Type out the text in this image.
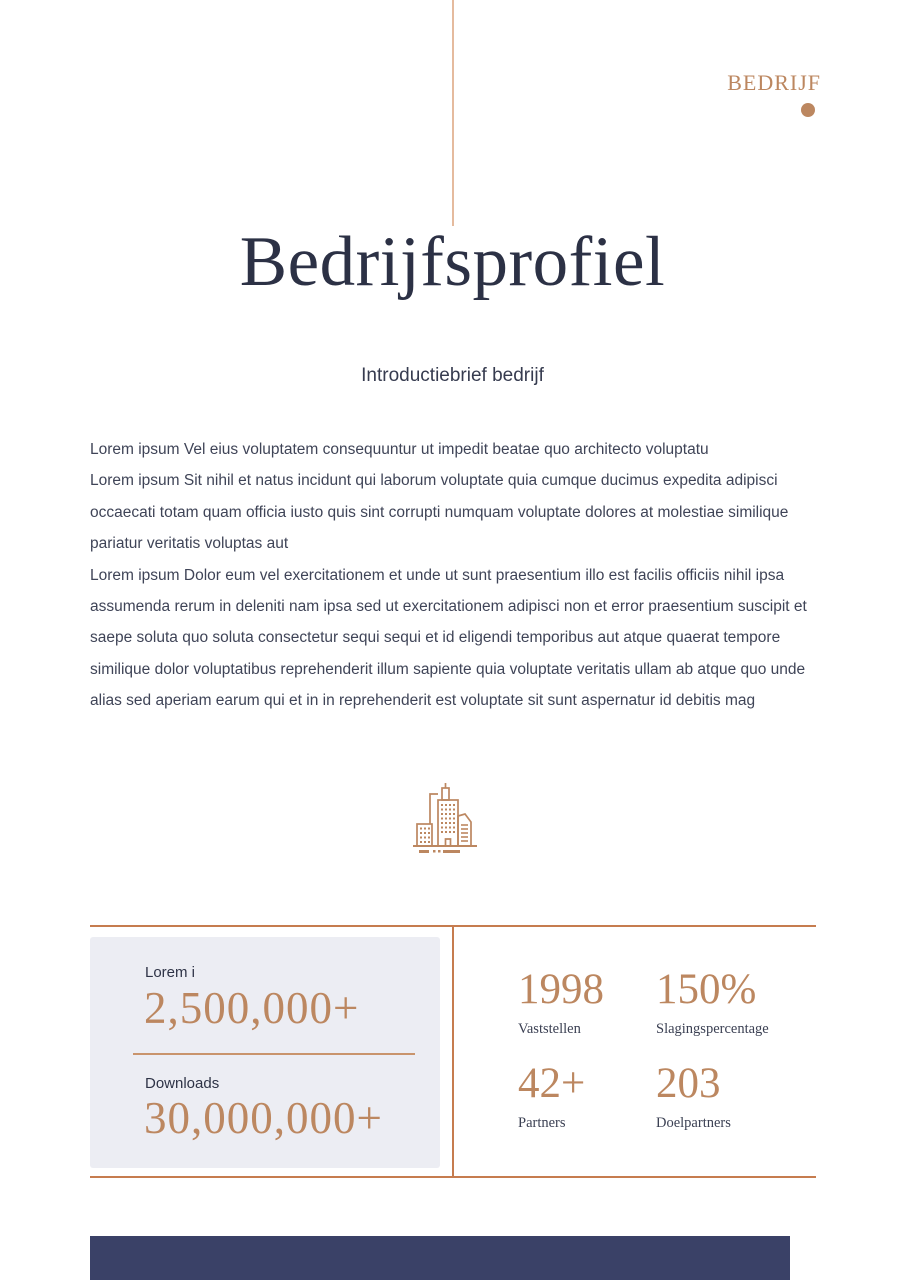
BEDRIJF
Bedrijfsprofiel
Introductiebrief bedrijf

Lorem ipsum Vel eius voluptatem consequuntur ut impedit beatae quo architecto voluptatu

Lorem ipsum Sit nihil et natus incidunt qui laborum voluptate quia cumque ducimus expedita adipisci occaecati totam quam officia iusto quis sint corrupti numquam voluptate dolores at molestiae similique pariatur veritatis voluptas aut

Lorem ipsum Dolor eum vel exercitationem et unde ut sunt praesentium illo est facilis officiis nihil ipsa assumenda rerum in deleniti nam ipsa sed ut exercitationem adipisci non et error praesentium suscipit et saepe soluta quo soluta consectetur sequi sequi et id eligendi temporibus aut atque quaerat tempore similique dolor voluptatibus reprehenderit illum sapiente quia voluptate veritatis ullam ab atque quo unde alias sed aperiam earum qui et in in reprehenderit est voluptate sit sunt aspernatur id debitis mag

Lorem i
2,500,000+
Downloads
30,000,000+
1998
Vaststellen
150%
Slagingspercentage
42+
Partners
203
Doelpartners
